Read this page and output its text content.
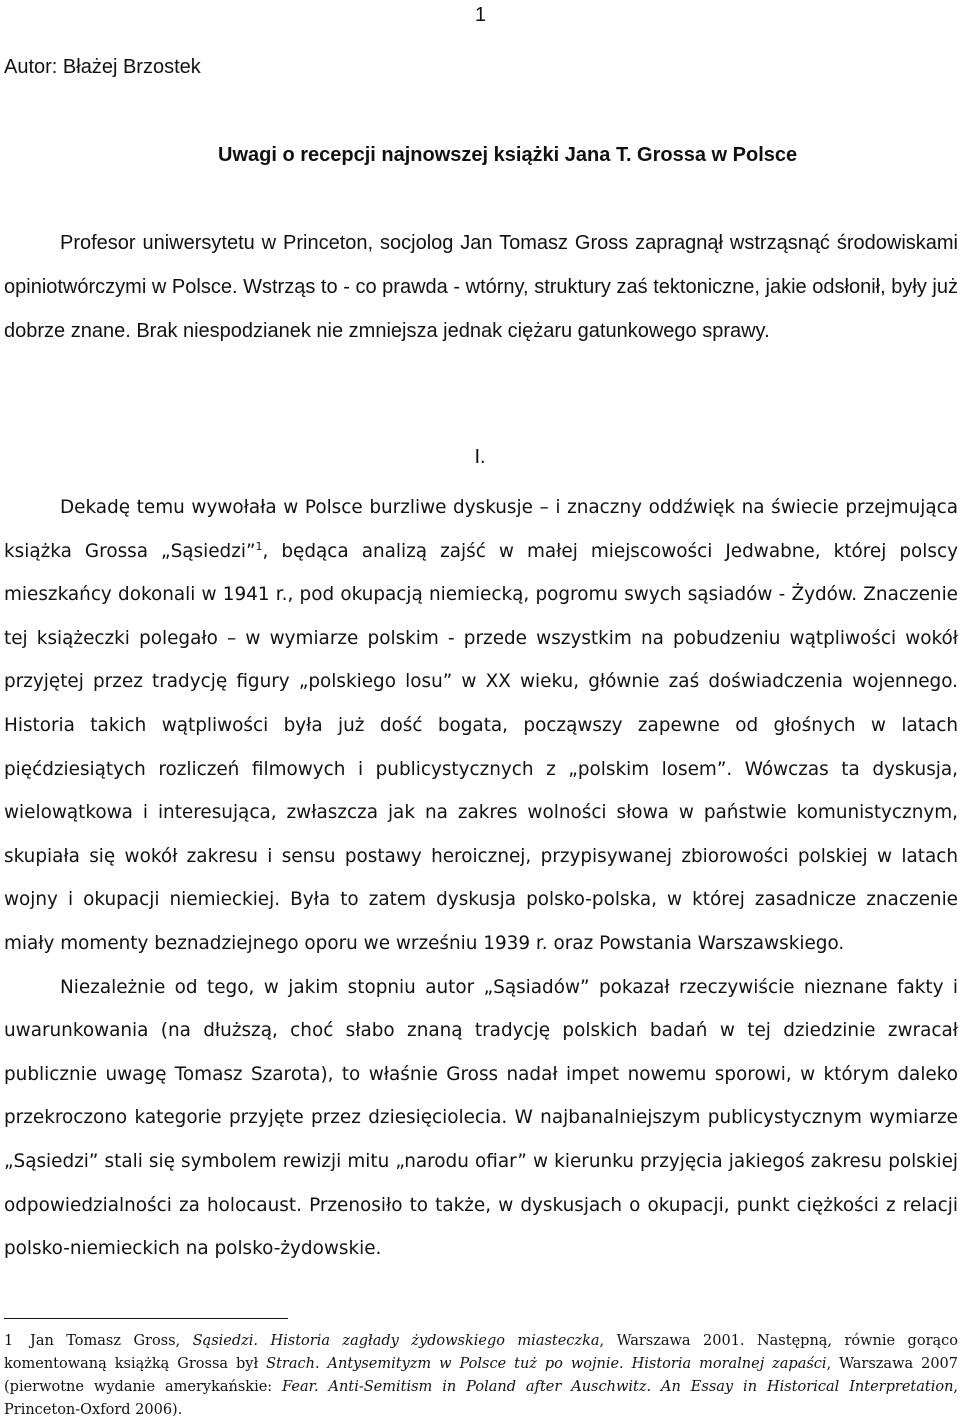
1
Autor: Błażej Brzostek
Uwagi o recepcji najnowszej książki Jana T. Grossa w Polsce

Profesor uniwersytetu w Princeton, socjolog Jan Tomasz Gross zapragnął wstrząsnąć środowiskami opiniotwórczymi w Polsce. Wstrząs to - co prawda - wtórny, struktury zaś tektoniczne, jakie odsłonił, były już dobrze znane. Brak niespodzianek nie zmniejsza jednak ciężaru gatunkowego sprawy.

I.

Dekadę temu wywołała w Polsce burzliwe dyskusje – i znaczny oddźwięk na świecie przejmująca książka Grossa „Sąsiedzi”$^1$, będąca analizą zajść w małej miejscowości Jedwabne, której polscy mieszkańcy dokonali w 1941 r., pod okupacją niemiecką, pogromu swych sąsiadów - Żydów. Znaczenie tej książeczki polegało – w wymiarze polskim - przede wszystkim na pobudzeniu wątpliwości wokół przyjętej przez tradycję figury „polskiego losu” w XX wieku, głównie zaś doświadczenia wojennego. Historia takich wątpliwości była już dość bogata, począwszy zapewne od głośnych w latach pięćdziesiątych rozliczeń filmowych i publicystycznych z „polskim losem”. Wówczas ta dyskusja, wielowątkowa i interesująca, zwłaszcza jak na zakres wolności słowa w państwie komunistycznym, skupiała się wokół zakresu i sensu postawy heroicznej, przypisywanej zbiorowości polskiej w latach wojny i okupacji niemieckiej. Była to zatem dyskusja polsko-polska, w której zasadnicze znaczenie miały momenty beznadziejnego oporu we wrześniu 1939 r. oraz Powstania Warszawskiego.

Niezależnie od tego, w jakim stopniu autor „Sąsiadów” pokazał rzeczywiście nieznane fakty i uwarunkowania (na dłuższą, choć słabo znaną tradycję polskich badań w tej dziedzinie zwracał publicznie uwagę Tomasz Szarota), to właśnie Gross nadał impet nowemu sporowi, w którym daleko przekroczono kategorie przyjęte przez dziesięciolecia. W najbanalniejszym publicystycznym wymiarze „Sąsiedzi” stali się symbolem rewizji mitu „narodu ofiar” w kierunku przyjęcia jakiegoś zakresu polskiej odpowiedzialności za holocaust. Przenosiło to także, w dyskusjach o okupacji, punkt ciężkości z relacji polsko-niemieckich na polsko-żydowskie.

1 Jan Tomasz Gross, Sąsiedzi. Historia zagłady żydowskiego miasteczka, Warszawa 2001. Następną, równie gorąco komentowaną książką Grossa był Strach. Antysemityzm w Polsce tuż po wojnie. Historia moralnej zapaści, Warszawa 2007 (pierwotne wydanie amerykańskie: Fear. Anti-Semitism in Poland after Auschwitz. An Essay in Historical Interpretation, Princeton-Oxford 2006).
